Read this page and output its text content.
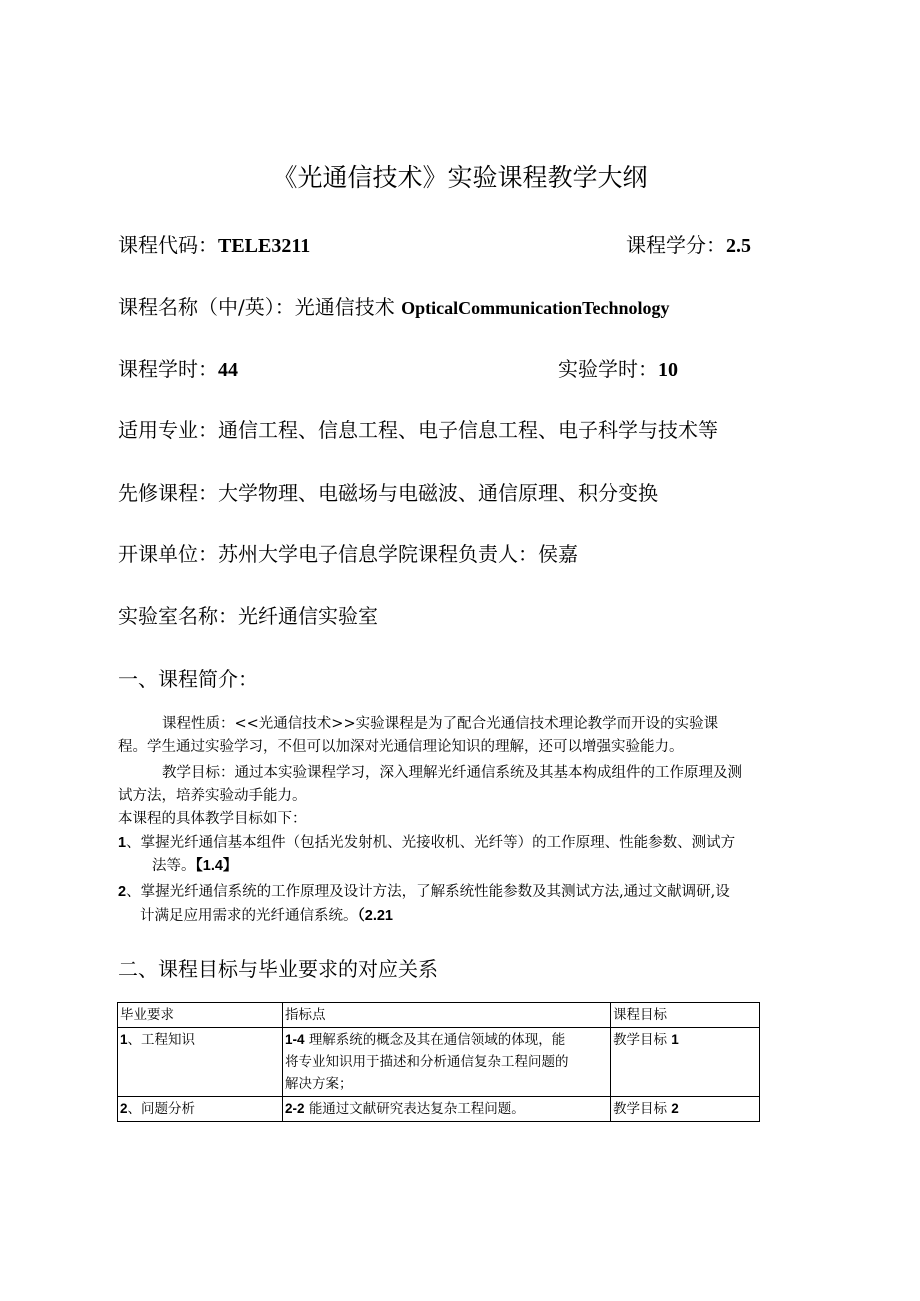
《光通信技术》实验课程教学大纲
课程代码：TELE3211	课程学分：2.5
课程名称（中/英）：光通信技术 OpticalCommunicationTechnology
课程学时：44	实验学时：10
适用专业：通信工程、信息工程、电子信息工程、电子科学与技术等
先修课程：大学物理、电磁场与电磁波、通信原理、积分变换
开课单位：苏州大学电子信息学院课程负责人：侯嘉
实验室名称：光纤通信实验室
一、课程简介：
课程性质：<<光通信技术>>实验课程是为了配合光通信技术理论教学而开设的实验课
程。学生通过实验学习，不但可以加深对光通信理论知识的理解，还可以增强实验能力。
教学目标：通过本实验课程学习，深入理解光纤通信系统及其基本构成组件的工作原理及测
试方法，培养实验动手能力。
本课程的具体教学目标如下：
1、掌握光纤通信基本组件（包括光发射机、光接收机、光纤等）的工作原理、性能参数、测试方
法等。【1.4】
2、掌握光纤通信系统的工作原理及设计方法，了解系统性能参数及其测试方法,通过文献调研,设
计满足应用需求的光纤通信系统。（2.21
二、课程目标与毕业要求的对应关系
毕业要求	指标点	课程目标
1、工程知识	1-4 理解系统的概念及其在通信领域的体现，能
将专业知识用于描述和分析通信复杂工程问题的
解决方案；	教学目标 1
2、问题分析	2-2 能通过文献研究表达复杂工程问题。	教学目标 2
